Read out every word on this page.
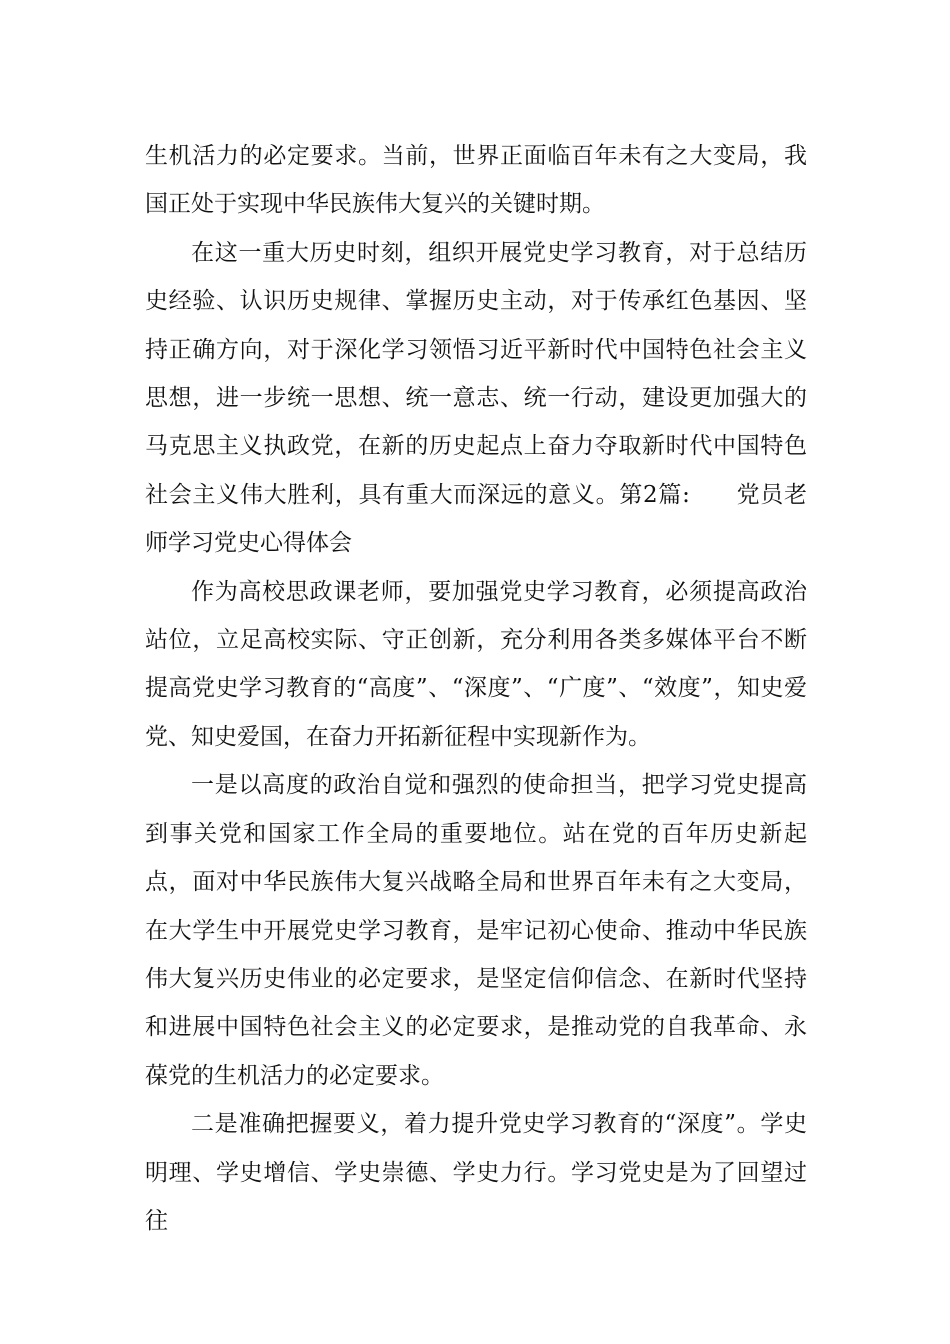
生机活力的必定要求。当前，世界正面临百年未有之大变局，我国正处于实现中华民族伟大复兴的关键时期。

在这一重大历史时刻，组织开展党史学习教育，对于总结历史经验、认识历史规律、掌握历史主动，对于传承红色基因、坚持正确方向，对于深化学习领悟习近平新时代中国特色社会主义思想，进一步统一思想、统一意志、统一行动，建设更加强大的马克思主义执政党，在新的历史起点上奋力夺取新时代中国特色社会主义伟大胜利，具有重大而深远的意义。第2篇: 党员老师学习党史心得体会

作为高校思政课老师，要加强党史学习教育，必须提高政治站位，立足高校实际、守正创新，充分利用各类多媒体平台不断提高党史学习教育的“高度”、“深度”、“广度”、“效度”，知史爱党、知史爱国，在奋力开拓新征程中实现新作为。

一是以高度的政治自觉和强烈的使命担当，把学习党史提高到事关党和国家工作全局的重要地位。站在党的百年历史新起点，面对中华民族伟大复兴战略全局和世界百年未有之大变局，在大学生中开展党史学习教育，是牢记初心使命、推动中华民族伟大复兴历史伟业的必定要求，是坚定信仰信念、在新时代坚持和进展中国特色社会主义的必定要求，是推动党的自我革命、永葆党的生机活力的必定要求。

二是准确把握要义，着力提升党史学习教育的“深度”。学史明理、学史增信、学史崇德、学史力行。学习党史是为了回望过往
